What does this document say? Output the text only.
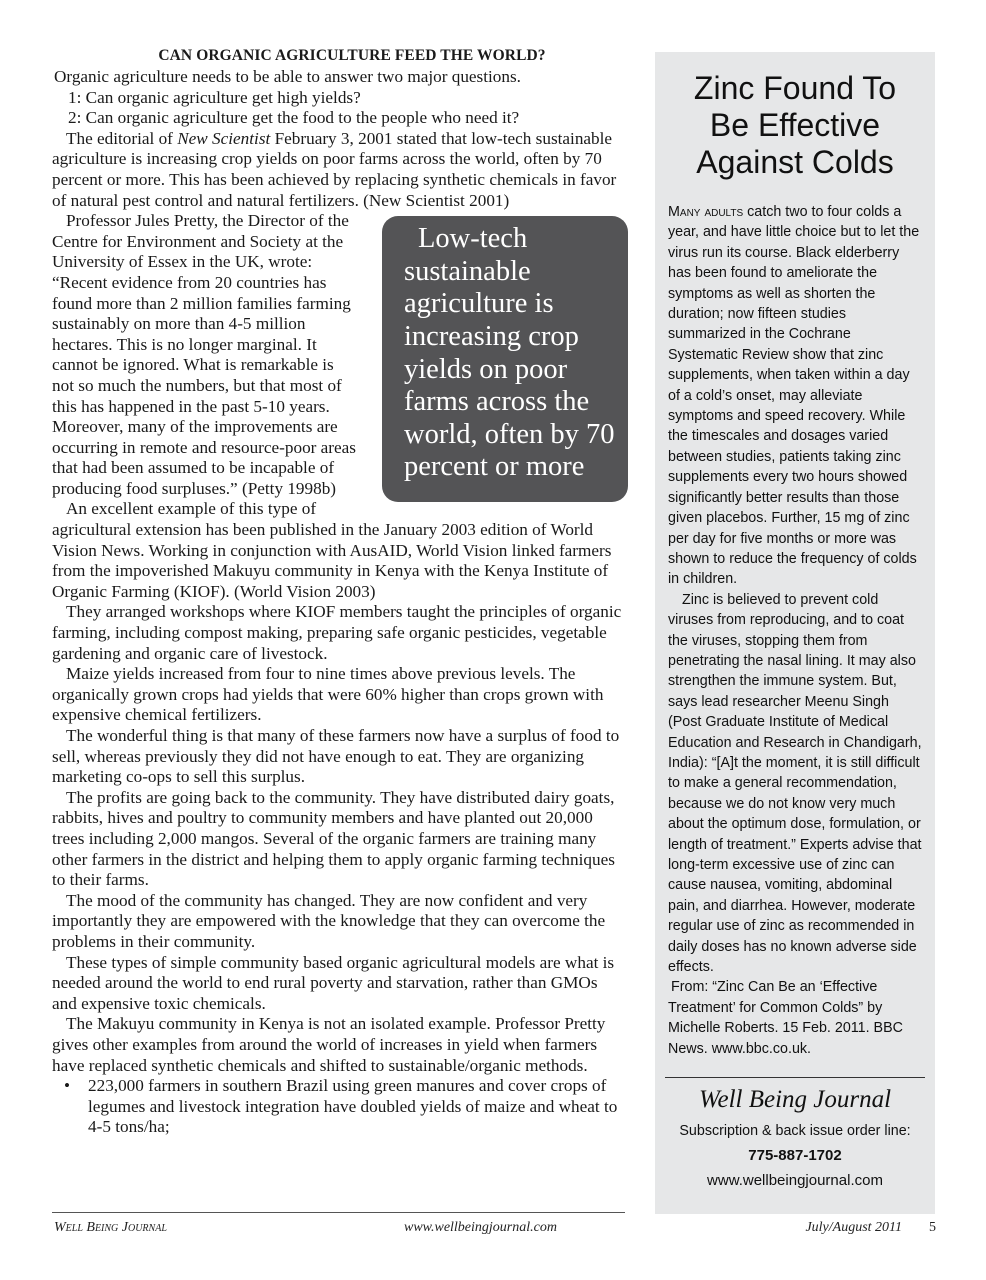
CAN ORGANIC AGRICULTURE FEED THE WORLD?

Organic agriculture needs to be able to answer two major questions.

1: Can organic agriculture get high yields?

2: Can organic agriculture get the food to the people who need it?

The editorial of New Scientist February 3, 2001 stated that low-tech sustainable agriculture is increasing crop yields on poor farms across the world, often by 70 percent or more. This has been achieved by replacing synthetic chemicals in favor of natural pest control and natural fertilizers. (New Scientist 2001)

Low-tech sustainable agriculture is increasing crop yields on poor farms across the world, often by 70 percent or more
Professor Jules Pretty, the Director of the Centre for Environment and Society at the University of Essex in the UK, wrote: “Recent evidence from 20 countries has found more than 2 million families farming sustainably on more than 4-5 million hectares. This is no longer marginal. It cannot be ignored. What is remarkable is not so much the numbers, but that most of this has happened in the past 5-10 years. Moreover, many of the improvements are occurring in remote and resource-poor areas that had been assumed to be incapable of producing food surpluses.” (Petty 1998b)

An excellent example of this type of agricultural extension has been published in the January 2003 edition of World Vision News. Working in conjunction with AusAID, World Vision linked farmers from the impoverished Makuyu community in Kenya with the Kenya Institute of Organic Farming (KIOF). (World Vision 2003)

They arranged workshops where KIOF members taught the principles of organic farming, including compost making, preparing safe organic pesticides, vegetable gardening and organic care of livestock.

Maize yields increased from four to nine times above previous levels. The organically grown crops had yields that were 60% higher than crops grown with expensive chemical fertilizers.

The wonderful thing is that many of these farmers now have a surplus of food to sell, whereas previously they did not have enough to eat. They are organizing marketing co-ops to sell this surplus.

The profits are going back to the community. They have distributed dairy goats, rabbits, hives and poultry to community members and have planted out 20,000 trees including 2,000 mangos. Several of the organic farmers are training many other farmers in the district and helping them to apply organic farming techniques to their farms.

The mood of the community has changed. They are now confident and very importantly they are empowered with the knowledge that they can overcome the problems in their community.

These types of simple community based organic agricultural models are what is needed around the world to end rural poverty and starvation, rather than GMOs and expensive toxic chemicals.

The Makuyu community in Kenya is not an isolated example. Professor Pretty gives other examples from around the world of increases in yield when farmers have replaced synthetic chemicals and shifted to sustainable/organic methods.

• 223,000 farmers in southern Brazil using green manures and cover crops of legumes and livestock integration have doubled yields of maize and wheat to 4-5 tons/ha;
Zinc Found To
Be Effective
Against Colds

Many adults catch two to four colds a year, and have little choice but to let the virus run its course. Black elderberry has been found to ameliorate the symptoms as well as shorten the duration; now fifteen studies summarized in the Cochrane Systematic Review show that zinc supplements, when taken within a day of a cold’s onset, may alleviate symptoms and speed recovery. While the timescales and dosages varied between studies, patients taking zinc supplements every two hours showed significantly better results than those given placebos. Further, 15 mg of zinc per day for five months or more was shown to reduce the frequency of colds in children.

Zinc is believed to prevent cold viruses from reproducing, and to coat the viruses, stopping them from penetrating the nasal lining. It may also strengthen the immune system. But, says lead researcher Meenu Singh (Post Graduate Institute of Medical Education and Research in Chandigarh, India): “[A]t the moment, it is still difficult to make a general recommendation, because we do not know very much about the optimum dose, formulation, or length of treatment.” Experts advise that long-term excessive use of zinc can cause nausea, vomiting, abdominal pain, and diarrhea. However, moderate regular use of zinc as recommended in daily doses has no known adverse side effects.

From: “Zinc Can Be an ‘Effective Treatment’ for Common Colds” by Michelle Roberts. 15 Feb. 2011. BBC News. www.bbc.co.uk.

Well Being Journal
Subscription & back issue order line:
775-887-1702
www.wellbeingjournal.com
Well Being Journal	www.wellbeingjournal.com	July/August 2011 5
